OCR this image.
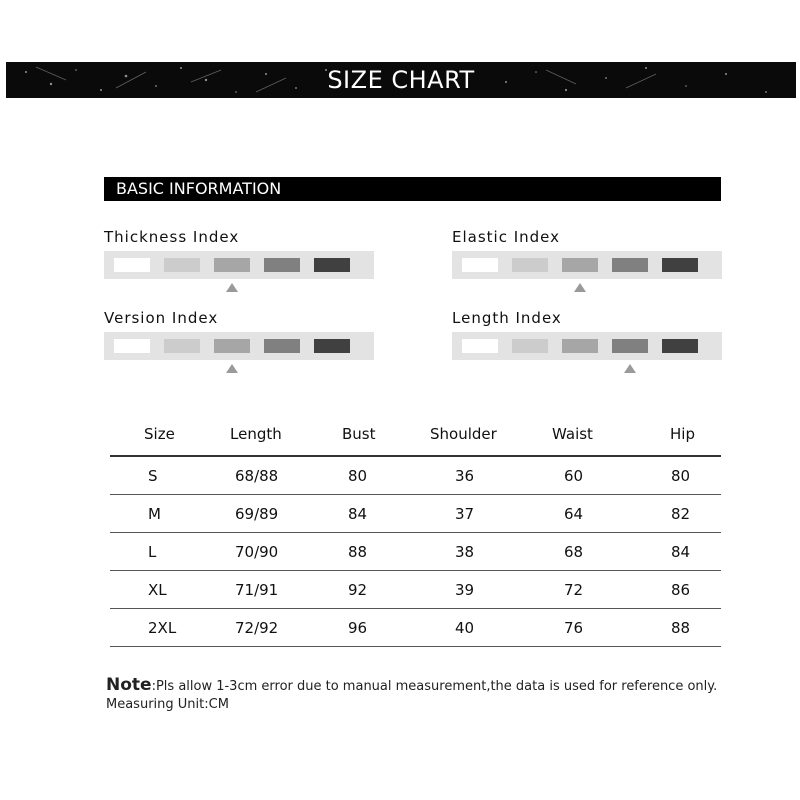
SIZE CHART
BASIC INFORMATION
Thickness Index	Elastic Index
Version Index	Length Index
Size	Length	Bust	Shoulder	Waist	Hip
S	68/88	80	36	60	80
M	69/89	84	37	64	82
L	70/90	88	38	68	84
XL	71/91	92	39	72	86
2XL	72/92	96	40	76	88
Note:Pls allow 1-3cm error due to manual measurement,the data is used for reference only.
Measuring Unit:CM
